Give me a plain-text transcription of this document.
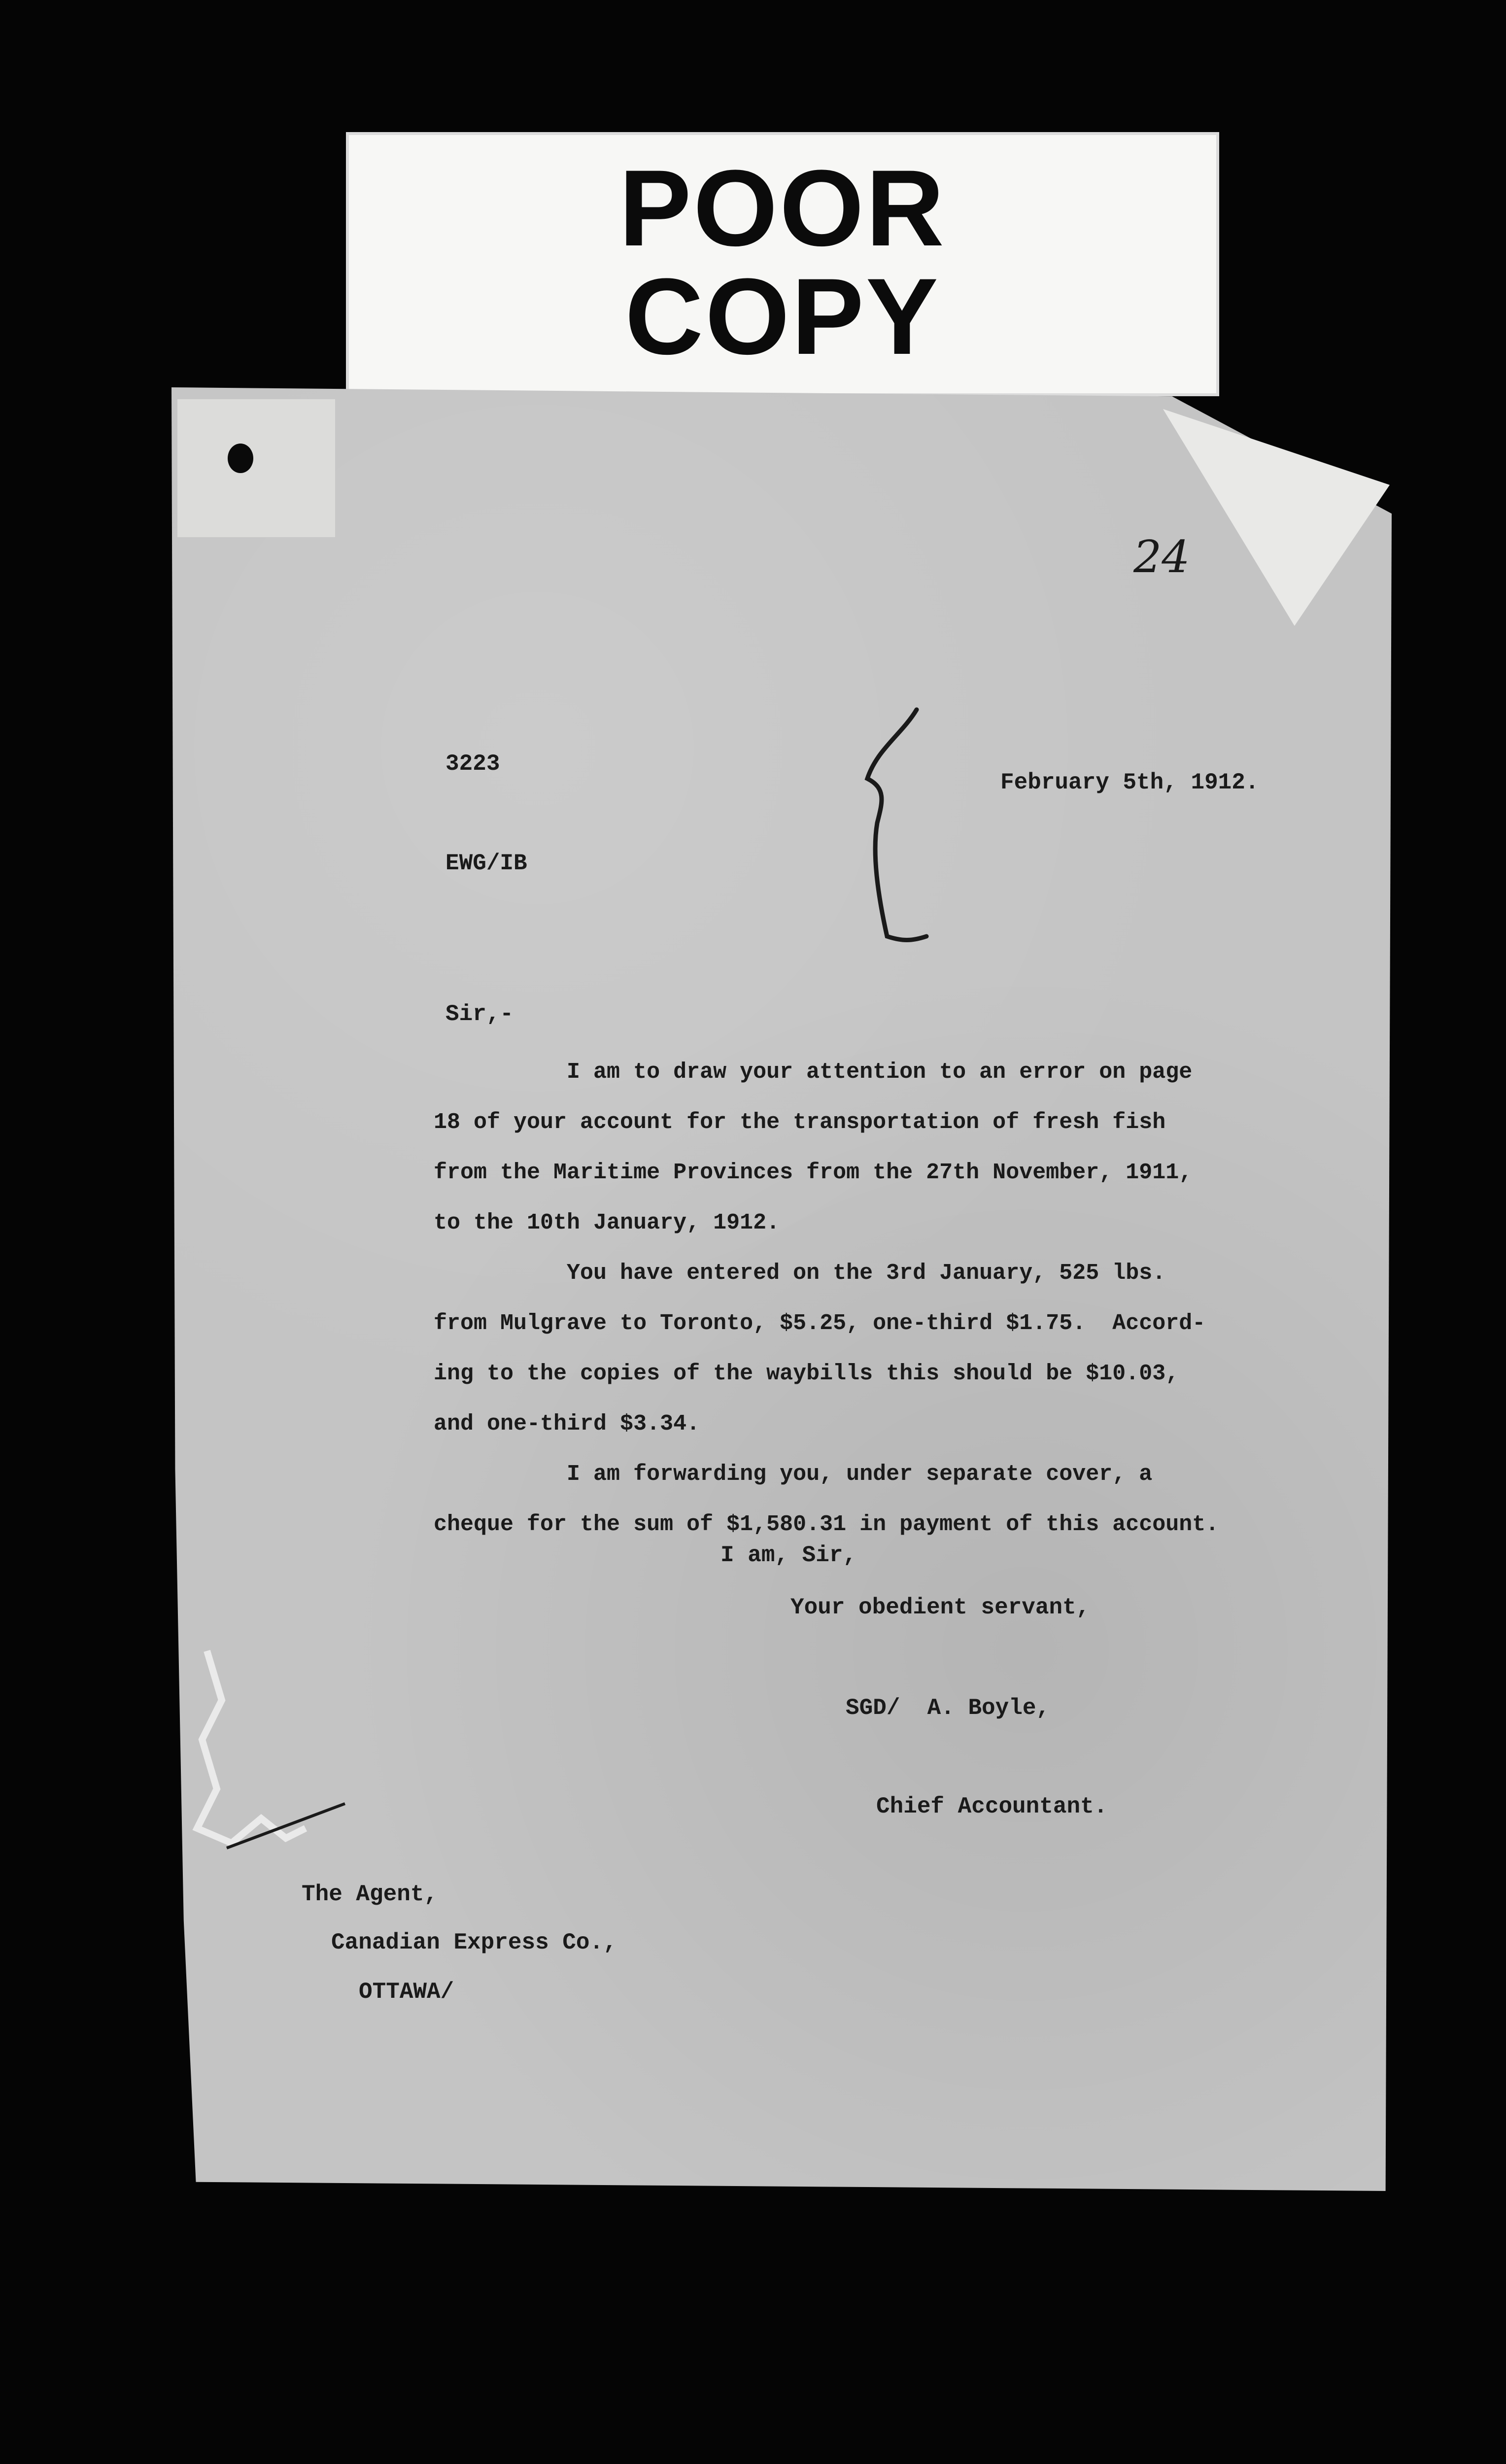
POOR
COPY
24
3223
EWG/IB
February 5th, 1912.
Sir,-
I am to draw your attention to an error on page
18 of your account for the transportation of fresh fish
from the Maritime Provinces from the 27th November, 1911,
to the 10th January, 1912.
You have entered on the 3rd January, 525 lbs.
from Mulgrave to Toronto, $5.25, one-third $1.75.  Accord-
ing to the copies of the waybills this should be $10.03,
and one-third $3.34.
I am forwarding you, under separate cover, a
cheque for the sum of $1,580.31 in payment of this account.
I am, Sir,
Your obedient servant,
SGD/  A. Boyle,
Chief Accountant.
The Agent,
Canadian Express Co.,
OTTAWA/
